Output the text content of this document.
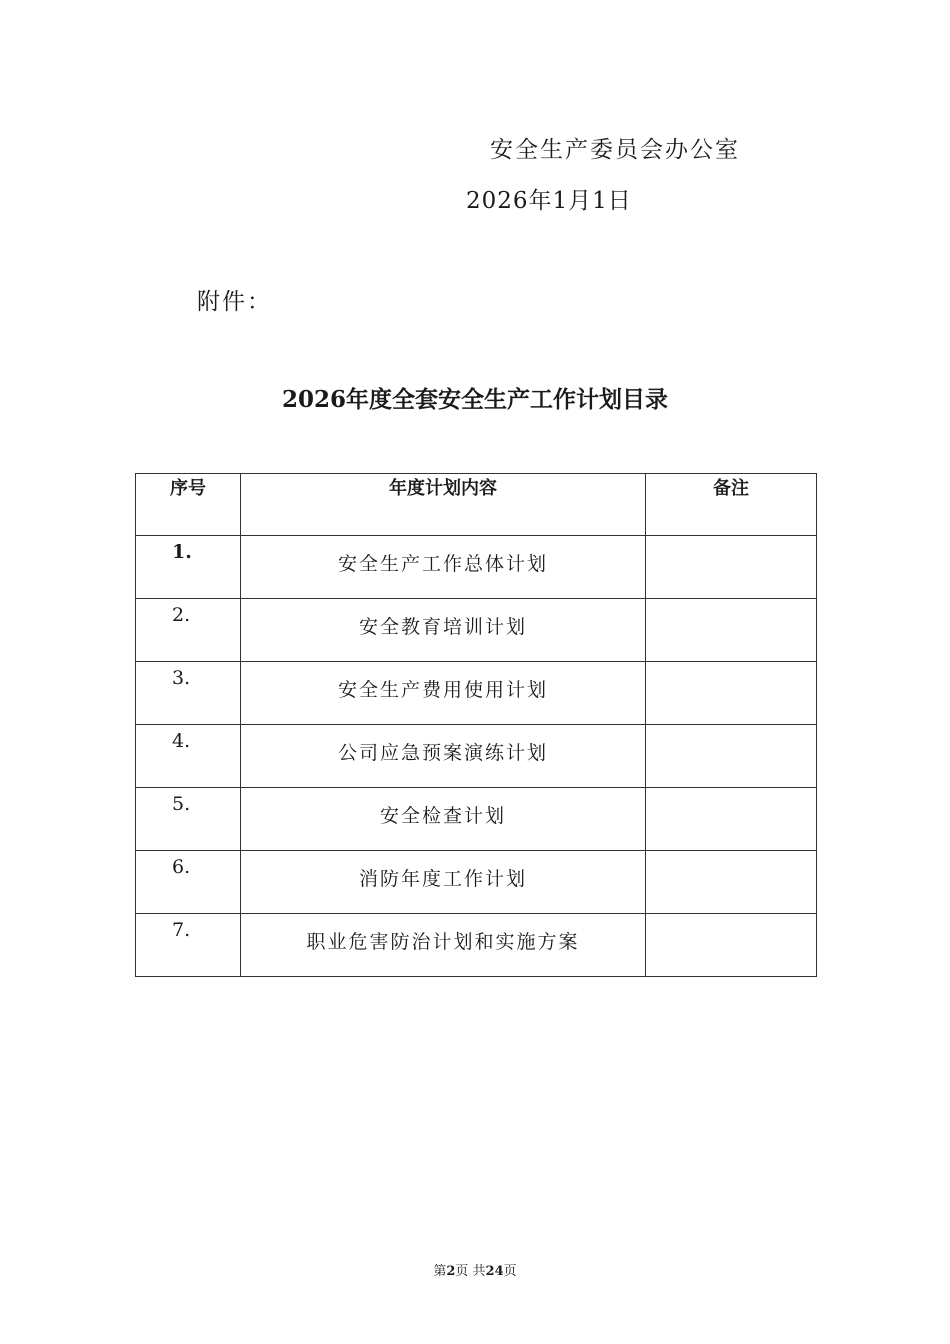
安全生产委员会办公室
2026年1月1日
附件：
2026年度全套安全生产工作计划目录
序号	年度计划内容	备注
1.	安全生产工作总体计划	
2.	安全教育培训计划	
3.	安全生产费用使用计划	
4.	公司应急预案演练计划	
5.	安全检查计划	
6.	消防年度工作计划	
7.	职业危害防治计划和实施方案	
第2页 共24页
